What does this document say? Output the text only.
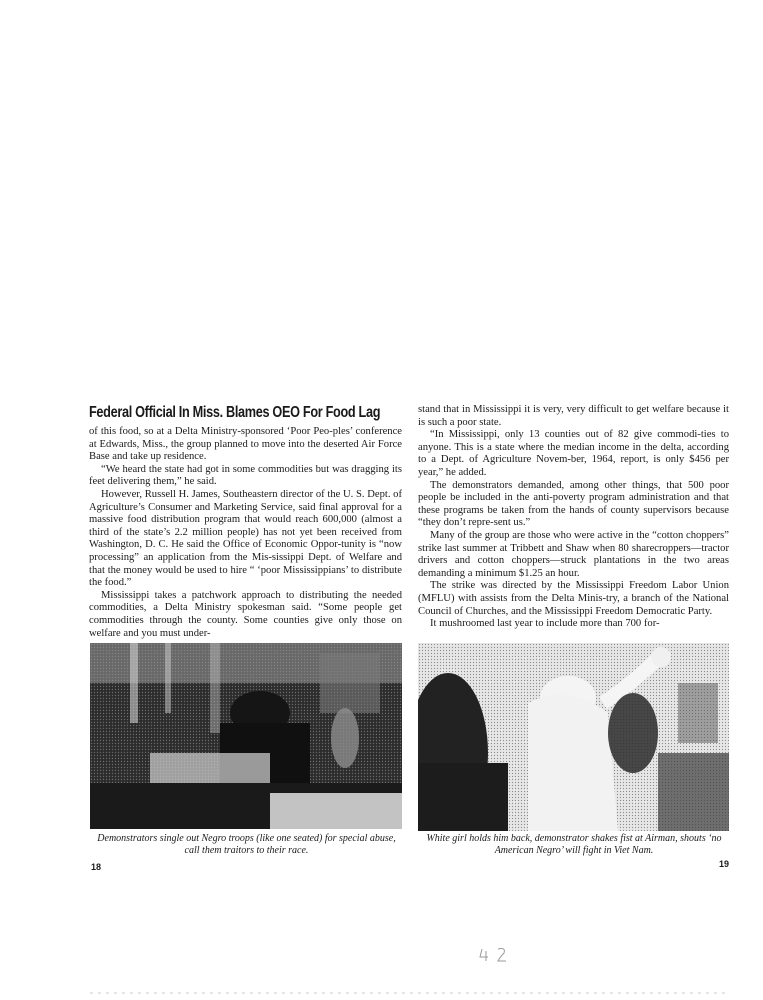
Federal Official In Miss. Blames OEO For Food Lag

of this food, so at a Delta Ministry-sponsored ‘Poor Peo-ples’ conference at Edwards, Miss., the group planned to move into the deserted Air Force Base and take up residence.

“We heard the state had got in some commodities but was dragging its feet delivering them,” he said.

However, Russell H. James, Southeastern director of the U. S. Dept. of Agriculture’s Consumer and Marketing Service, said final approval for a massive food distribution program that would reach 600,000 (almost a third of the state’s 2.2 million people) has not yet been received from Washington, D. C. He said the Office of Economic Oppor-tunity is “now processing” an application from the Mis-sissippi Dept. of Welfare and that the money would be used to hire “ ‘poor Mississippians’ to distribute the food.”

Mississippi takes a patchwork approach to distributing the needed commodities, a Delta Ministry spokesman said. “Some people get commodities through the county. Some counties give only those on welfare and you must under-

stand that in Mississippi it is very, very difficult to get welfare because it is such a poor state.

“In Mississippi, only 13 counties out of 82 give commodi-ties to anyone. This is a state where the median income in the delta, according to a Dept. of Agriculture Novem-ber, 1964, report, is only $456 per year,” he added.

The demonstrators demanded, among other things, that 500 poor people be included in the anti-poverty program administration and that these programs be taken from the hands of county supervisors because “they don’t repre-sent us.”

Many of the group are those who were active in the “cotton choppers” strike last summer at Tribbett and Shaw when 80 sharecroppers—tractor drivers and cotton choppers—struck plantations in the two areas demanding a minimum $1.25 an hour.

The strike was directed by the Mississippi Freedom Labor Union (MFLU) with assists from the Delta Minis-try, a branch of the National Council of Churches, and the Mississippi Freedom Democratic Party.

It mushroomed last year to include more than 700 for-

Demonstrators single out Negro troops (like one seated) for special abuse, call them traitors to their race.
White girl holds him back, demonstrator shakes fist at Airman, shouts ‘no American Negro’ will fight in Viet Nam.
18	19
